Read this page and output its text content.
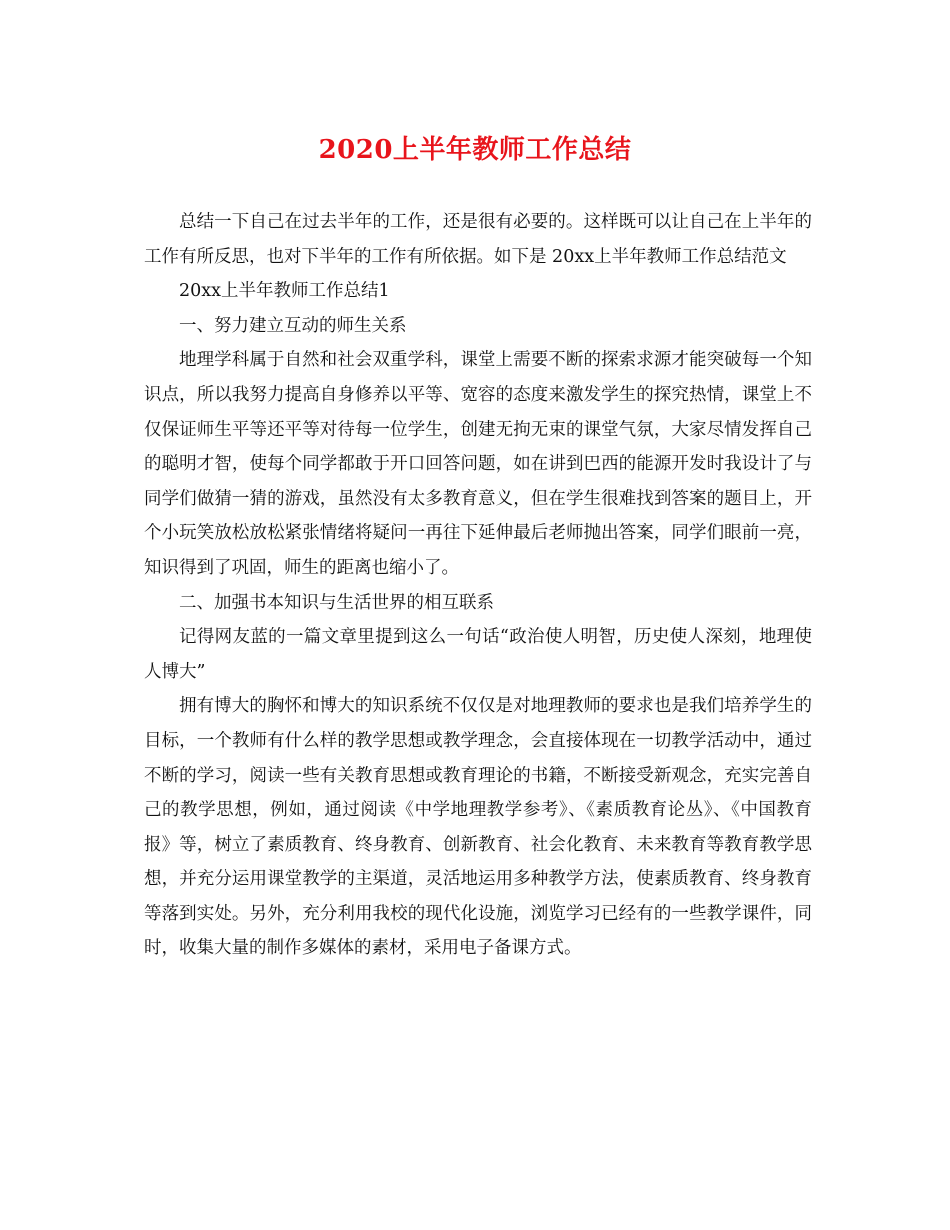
2020上半年教师工作总结

总结一下自己在过去半年的工作，还是很有必要的。这样既可以让自己在上半年的工作有所反思，也对下半年的工作有所依据。如下是 20xx上半年教师工作总结范文

20xx上半年教师工作总结1

一、努力建立互动的师生关系

地理学科属于自然和社会双重学科，课堂上需要不断的探索求源才能突破每一个知识点，所以我努力提高自身修养以平等、宽容的态度来激发学生的探究热情，课堂上不仅保证师生平等还平等对待每一位学生，创建无拘无束的课堂气氛，大家尽情发挥自己的聪明才智，使每个同学都敢于开口回答问题，如在讲到巴西的能源开发时我设计了与同学们做猜一猜的游戏，虽然没有太多教育意义，但在学生很难找到答案的题目上，开个小玩笑放松放松紧张情绪将疑问一再往下延伸最后老师抛出答案，同学们眼前一亮，知识得到了巩固，师生的距离也缩小了。

二、加强书本知识与生活世界的相互联系

记得网友蓝的一篇文章里提到这么一句话“政治使人明智，历史使人深刻，地理使人博大”

拥有博大的胸怀和博大的知识系统不仅仅是对地理教师的要求也是我们培养学生的目标，一个教师有什么样的教学思想或教学理念，会直接体现在一切教学活动中，通过不断的学习，阅读一些有关教育思想或教育理论的书籍，不断接受新观念，充实完善自己的教学思想，例如，通过阅读《中学地理教学参考》、《素质教育论丛》、《中国教育报》等，树立了素质教育、终身教育、创新教育、社会化教育、未来教育等教育教学思想，并充分运用课堂教学的主渠道，灵活地运用多种教学方法，使素质教育、终身教育等落到实处。另外，充分利用我校的现代化设施，浏览学习已经有的一些教学课件，同时，收集大量的制作多媒体的素材，采用电子备课方式。
